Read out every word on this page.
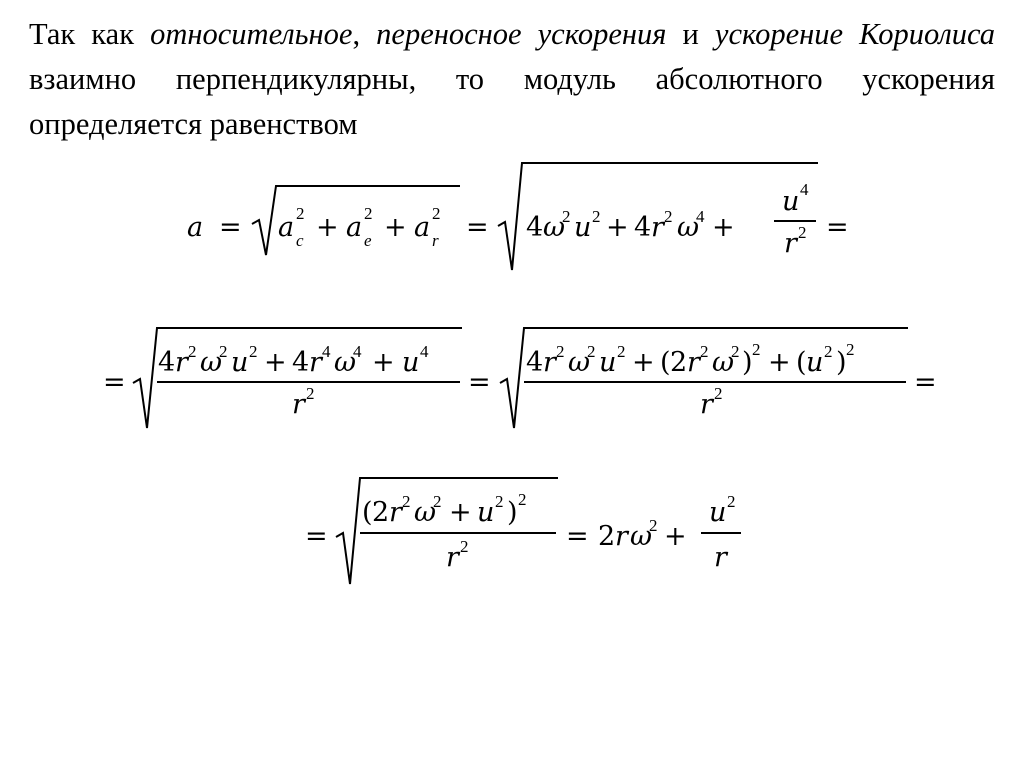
Так как относительное, переносное ускорения и ускорение Кориолиса взаимно перпендикулярны, то модуль абсолютного ускорения определяется равенством

a = a 2
c + a 2
e + a 2
r = 4 ω
2 u 2 + 4 r 2 ω
4 +
u 4
r 2 =
=
4 r 2 ω
2 u 2 + 4 r 4 ω
4 + u 4
r 2	=
4 r 2 ω
2 u 2 + ( 2 r 2 ω
2 ) 2 + ( u 2 ) 2
r 2	=
=
( 2 r 2 ω
2 + u 2 ) 2
r 2	= 2 r ω
2 +
u 2
r
